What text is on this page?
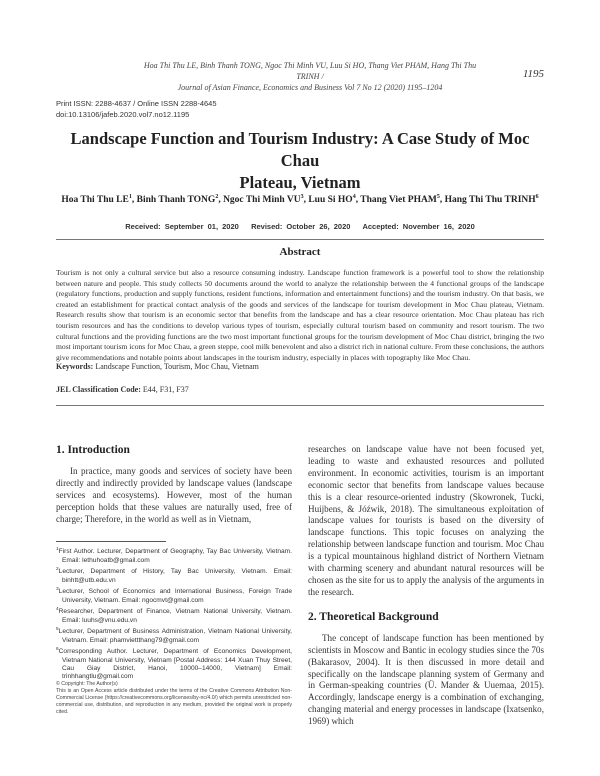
Hoa Thi Thu LE, Binh Thanh TONG, Ngoc Thi Minh VU, Luu Si HO, Thang Viet PHAM, Hang Thi Thu TRINH /
Journal of Asian Finance, Economics and Business Vol 7 No 12 (2020) 1195–1204
1195
Print ISSN: 2288-4637 / Online ISSN 2288-4645
doi:10.13106/jafeb.2020.vol7.no12.1195
Landscape Function and Tourism Industry: A Case Study of Moc Chau
Plateau, Vietnam
Hoa Thi Thu $LE^1$, Binh Thanh TONG$^2$, Ngoc Thi Minh $VU^3$, Luu Si $HO^4$, Thang Viet PHAM$^5$, Hang Thi Thu TRINH$^6$
Received: September 01, 2020 Revised: October 26, 2020 Accepted: November 16, 2020
Abstract
Tourism is not only a cultural service but also a resource consuming industry. Landscape function framework is a powerful tool to show the relationship between nature and people. This study collects 50 documents around the world to analyze the relationship between the 4 functional groups of the landscape (regulatory functions, production and supply functions, resident functions, information and entertainment functions) and the tourism industry. On that basis, we created an establishment for practical contact analysis of the goods and services of the landscape for tourism development in Moc Chau plateau, Vietnam. Research results show that tourism is an economic sector that benefits from the landscape and has a clear resource orientation. Moc Chau plateau has rich tourism resources and has the conditions to develop various types of tourism, especially cultural tourism based on community and resort tourism. The two cultural functions and the providing functions are the two most important functional groups for the tourism development of Moc Chau district, bringing the two most important tourism icons for Moc Chau, a green steppe, cool milk benevolent and also a district rich in national culture. From these conclusions, the authors give recommendations and notable points about landscapes in the tourism industry, especially in places with topography like Moc Chau.
Keywords: Landscape Function, Tourism, Moc Chau, Vietnam
JEL Classification Code: E44, F31, F37
1. Introduction

In practice, many goods and services of society have been directly and indirectly provided by landscape values (landscape services and ecosystems). However, most of the human perception holds that these values are naturally used, free of charge; Therefore, in the world as well as in Vietnam,

$^1$First Author. Lecturer, Department of Geography, Tay Bac University, Vietnam. Email: lethuhoatb@gmail.com
$^2$Lecturer, Department of History, Tay Bac University, Vietnam. Email: binhtt@utb.edu.vn
$^3$Lecturer, School of Economics and International Business, Foreign Trade University, Vietnam. Email: ngocmvt@gmail.com
$^4$Researcher, Department of Finance, Vietnam National University, Vietnam. Email: luuhs@vnu.edu.vn
$^5$Lecturer, Department of Business Administration, Vietnam National University, Vietnam. Email: phamviettthang79@gmail.com
$^6$Corresponding Author. Lecturer, Department of Economics Development, Vietnam National University, Vietnam [Postal Address: 144 Xuan Thuy Street, Cau Giay District, Hanoi, 10000–14000, Vietnam] Email: trinhhangtlu@gmail.com
© Copyright: The Author(s)
This is an Open Access article distributed under the terms of the Creative Commons Attribution Non-Commercial License (https://creativecommons.org/licenses/by-nc/4.0/) which permits unrestricted non-commercial use, distribution, and reproduction in any medium, provided the original work is properly cited.

researches on landscape value have not been focused yet, leading to waste and exhausted resources and polluted environment. In economic activities, tourism is an important economic sector that benefits from landscape values because this is a clear resource-oriented industry (Skowronek, Tucki, Huijbens, & Jóźwik, 2018). The simultaneous exploitation of landscape values for tourists is based on the diversity of landscape functions. This topic focuses on analyzing the relationship between landscape function and tourism. Moc Chau is a typical mountainous highland district of Northern Vietnam with charming scenery and abundant natural resources will be chosen as the site for us to apply the analysis of the arguments in the research.

2. Theoretical Background

The concept of landscape function has been mentioned by scientists in Moscow and Bantic in ecology studies since the 70s (Bakarasov, 2004). It is then discussed in more detail and specifically on the landscape planning system of Germany and in German-speaking countries (Ü. Mander & Uuemaa, 2015). Accordingly, landscape energy is a combination of exchanging, changing material and energy processes in landscape (Ixatsenko, 1969) which
